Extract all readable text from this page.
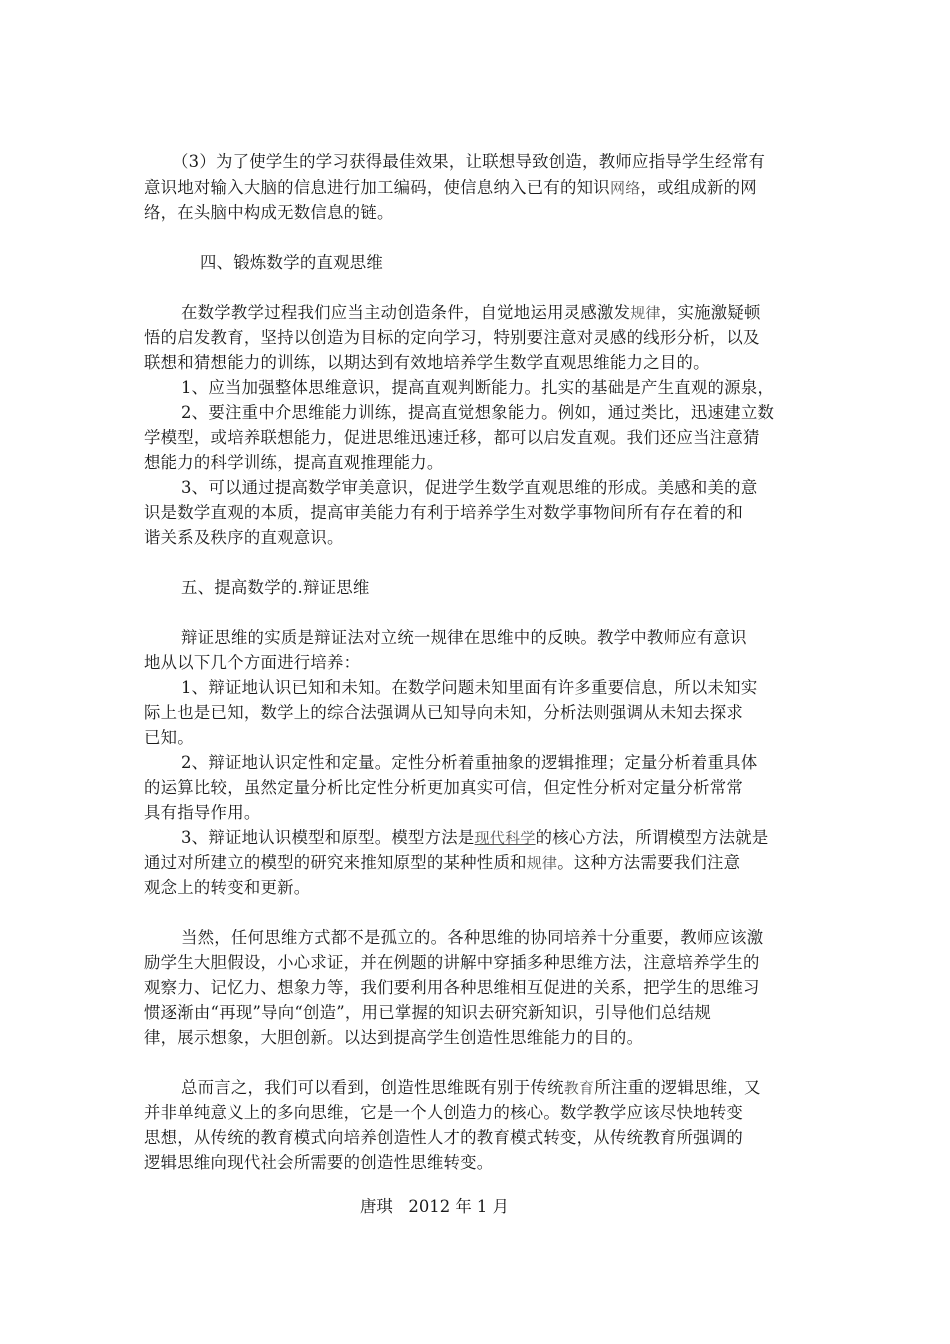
（3）为了使学生的学习获得最佳效果，让联想导致创造，教师应指导学生经常有
意识地对输入大脑的信息进行加工编码，使信息纳入已有的知识网络，或组成新的网
络，在头脑中构成无数信息的链。
四、锻炼数学的直观思维
在数学教学过程我们应当主动创造条件，自觉地运用灵感激发规律，实施激疑顿
悟的启发教育，坚持以创造为目标的定向学习，特别要注意对灵感的线形分析，以及
联想和猜想能力的训练，以期达到有效地培养学生数学直观思维能力之目的。
1、应当加强整体思维意识，提高直观判断能力。扎实的基础是产生直观的源泉，
2、要注重中介思维能力训练，提高直觉想象能力。例如，通过类比，迅速建立数
学模型，或培养联想能力，促进思维迅速迁移，都可以启发直观。我们还应当注意猜
想能力的科学训练，提高直观推理能力。
3、可以通过提高数学审美意识，促进学生数学直观思维的形成。美感和美的意
识是数学直观的本质，提高审美能力有利于培养学生对数学事物间所有存在着的和
谐关系及秩序的直观意识。
五、提高数学的.辩证思维
辩证思维的实质是辩证法对立统一规律在思维中的反映。教学中教师应有意识
地从以下几个方面进行培养：
1、辩证地认识已知和未知。在数学问题未知里面有许多重要信息，所以未知实
际上也是已知，数学上的综合法强调从已知导向未知，分析法则强调从未知去探求
已知。
2、辩证地认识定性和定量。定性分析着重抽象的逻辑推理；定量分析着重具体
的运算比较，虽然定量分析比定性分析更加真实可信，但定性分析对定量分析常常
具有指导作用。
3、辩证地认识模型和原型。模型方法是现代科学的核心方法，所谓模型方法就是
通过对所建立的模型的研究来推知原型的某种性质和规律。这种方法需要我们注意
观念上的转变和更新。
当然，任何思维方式都不是孤立的。各种思维的协同培养十分重要，教师应该激
励学生大胆假设，小心求证，并在例题的讲解中穿插多种思维方法，注意培养学生的
观察力、记忆力、想象力等，我们要利用各种思维相互促进的关系，把学生的思维习
惯逐渐由“再现”导向“创造”，用已掌握的知识去研究新知识，引导他们总结规
律，展示想象，大胆创新。以达到提高学生创造性思维能力的目的。
总而言之，我们可以看到，创造性思维既有别于传统教育所注重的逻辑思维，又
并非单纯意义上的多向思维，它是一个人创造力的核心。数学教学应该尽快地转变
思想，从传统的教育模式向培养创造性人才的教育模式转变，从传统教育所强调的
逻辑思维向现代社会所需要的创造性思维转变。
唐琪   2012 年 1 月
